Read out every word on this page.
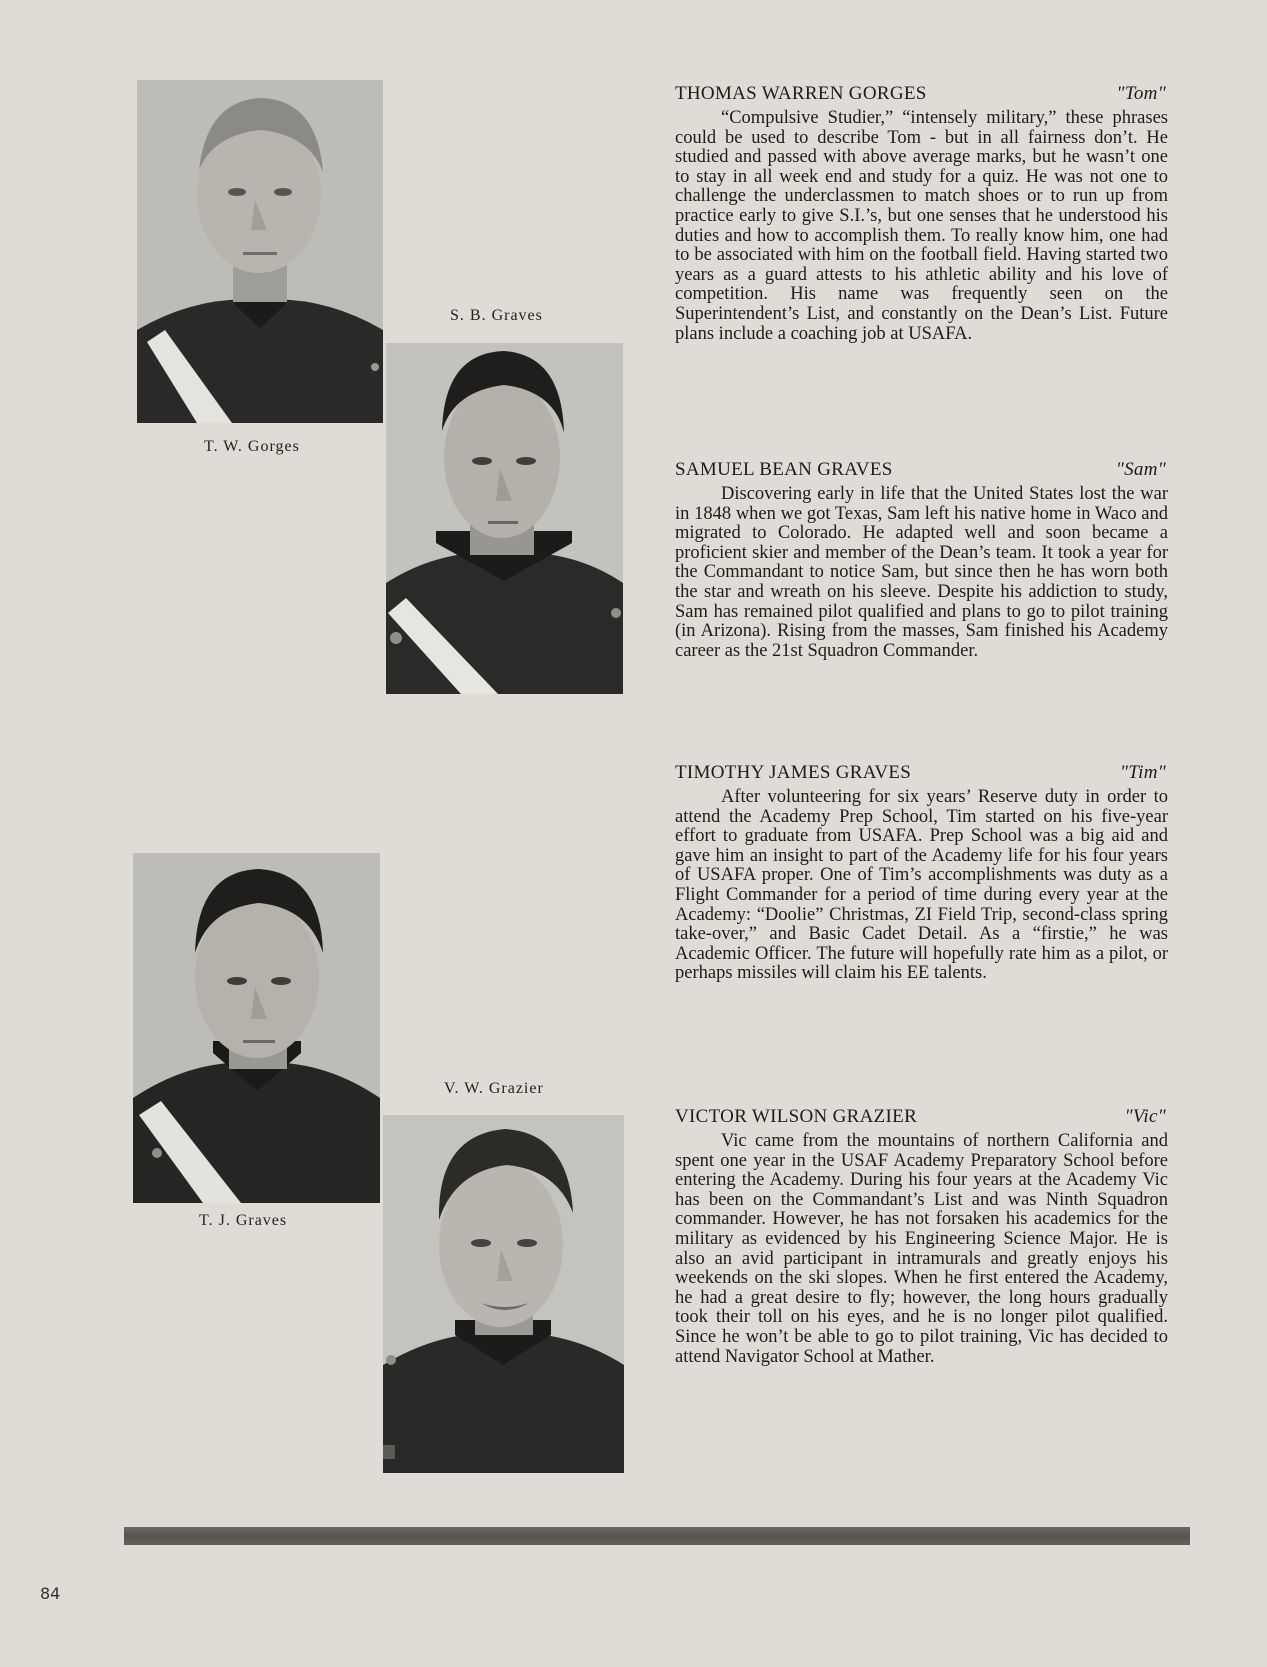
T. W. Gorges
S. B. Graves
T. J. Graves
V. W. Grazier
THOMAS WARREN GORGES	"Tom"

“Compulsive Studier,” “intensely military,” these phrases could be used to describe Tom - but in all fairness don’t. He studied and passed with above average marks, but he wasn’t one to stay in all week end and study for a quiz. He was not one to challenge the underclassmen to match shoes or to run up from practice early to give S.I.’s, but one senses that he understood his duties and how to accomplish them. To really know him, one had to be associated with him on the football field. Having started two years as a guard attests to his athletic ability and his love of competition. His name was frequently seen on the Superintendent’s List, and constantly on the Dean’s List. Future plans include a coaching job at USAFA.

SAMUEL BEAN GRAVES	"Sam"

Discovering early in life that the United States lost the war in 1848 when we got Texas, Sam left his native home in Waco and migrated to Colorado. He adapted well and soon became a proficient skier and member of the Dean’s team. It took a year for the Commandant to notice Sam, but since then he has worn both the star and wreath on his sleeve. Despite his addiction to study, Sam has remained pilot qualified and plans to go to pilot training (in Arizona). Rising from the masses, Sam finished his Academy career as the 21st Squadron Commander.

TIMOTHY JAMES GRAVES	"Tim"

After volunteering for six years’ Reserve duty in order to attend the Academy Prep School, Tim started on his five-year effort to graduate from USAFA. Prep School was a big aid and gave him an insight to part of the Academy life for his four years of USAFA proper. One of Tim’s accomplishments was duty as a Flight Commander for a period of time during every year at the Academy: “Doolie” Christmas, ZI Field Trip, second-class spring take-over,” and Basic Cadet Detail. As a “firstie,” he was Academic Officer. The future will hopefully rate him as a pilot, or perhaps missiles will claim his EE talents.

VICTOR WILSON GRAZIER	"Vic"

Vic came from the mountains of northern California and spent one year in the USAF Academy Preparatory School before entering the Academy. During his four years at the Academy Vic has been on the Commandant’s List and was Ninth Squadron commander. However, he has not forsaken his academics for the military as evidenced by his Engineering Science Major. He is also an avid participant in intramurals and greatly enjoys his weekends on the ski slopes. When he first entered the Academy, he had a great desire to fly; however, the long hours gradually took their toll on his eyes, and he is no longer pilot qualified. Since he won’t be able to go to pilot training, Vic has decided to attend Navigator School at Mather.

84
